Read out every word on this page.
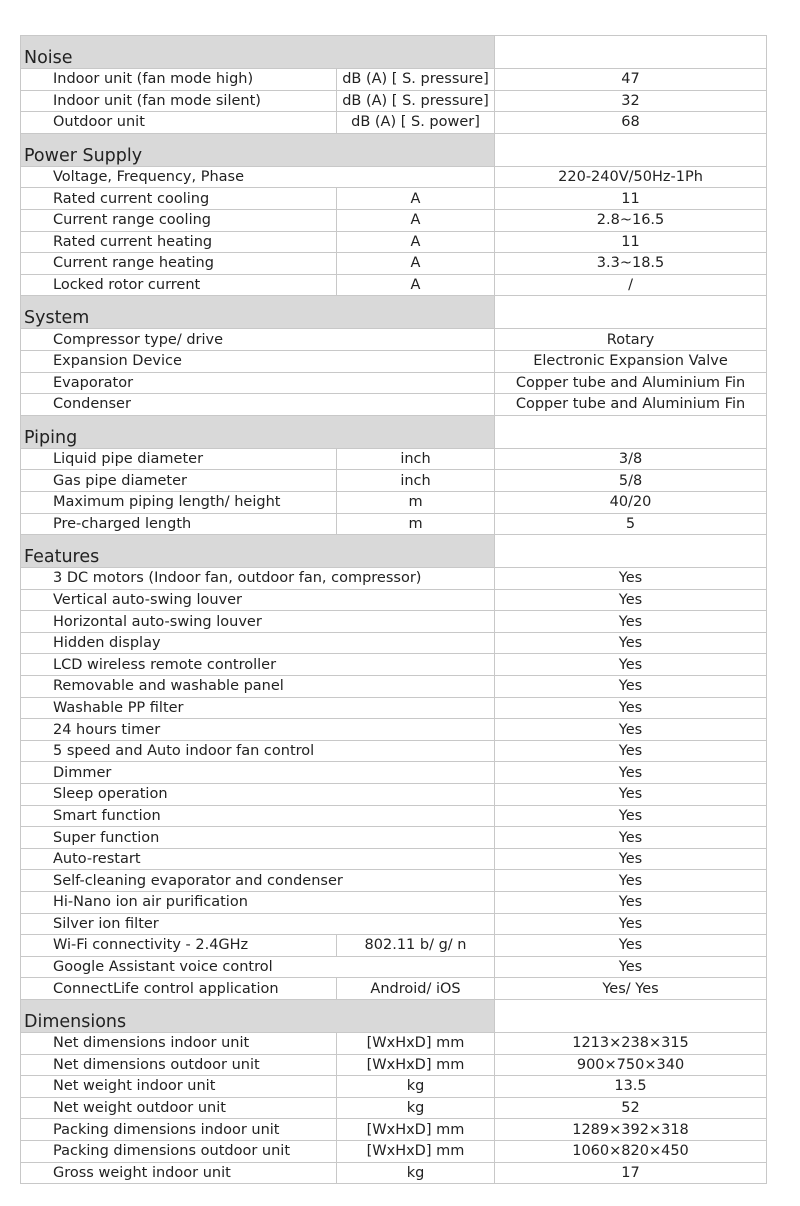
Noise		
Indoor unit (fan mode high)	dB (A) [ S. pressure]	47
Indoor unit (fan mode silent)	dB (A) [ S. pressure]	32
Outdoor unit	dB (A) [ S. power]	68
Power Supply		
Voltage, Frequency, Phase		220-240V/50Hz-1Ph
Rated current cooling	A	11
Current range cooling	A	2.8~16.5
Rated current heating	A	11
Current range heating	A	3.3~18.5
Locked rotor current	A	/
System		
Compressor type/ drive		Rotary
Expansion Device		Electronic Expansion Valve
Evaporator		Copper tube and Aluminium Fin
Condenser		Copper tube and Aluminium Fin
Piping		
Liquid pipe diameter	inch	3/8
Gas pipe diameter	inch	5/8
Maximum piping length/ height	m	40/20
Pre-charged length	m	5
Features		
3 DC motors (Indoor fan, outdoor fan, compressor)		Yes
Vertical auto-swing louver		Yes
Horizontal auto-swing louver		Yes
Hidden display		Yes
LCD wireless remote controller		Yes
Removable and washable panel		Yes
Washable PP filter		Yes
24 hours timer		Yes
5 speed and Auto indoor fan control		Yes
Dimmer		Yes
Sleep operation		Yes
Smart function		Yes
Super function		Yes
Auto-restart		Yes
Self-cleaning evaporator and condenser		Yes
Hi-Nano ion air purification		Yes
Silver ion filter		Yes
Wi-Fi connectivity - 2.4GHz	802.11 b/ g/ n	Yes
Google Assistant voice control		Yes
ConnectLife control application	Android/ iOS	Yes/ Yes
Dimensions		
Net dimensions indoor unit	[WxHxD] mm	1213×238×315
Net dimensions outdoor unit	[WxHxD] mm	900×750×340
Net weight indoor unit	kg	13.5
Net weight outdoor unit	kg	52
Packing dimensions indoor unit	[WxHxD] mm	1289×392×318
Packing dimensions outdoor unit	[WxHxD] mm	1060×820×450
Gross weight indoor unit	kg	17
